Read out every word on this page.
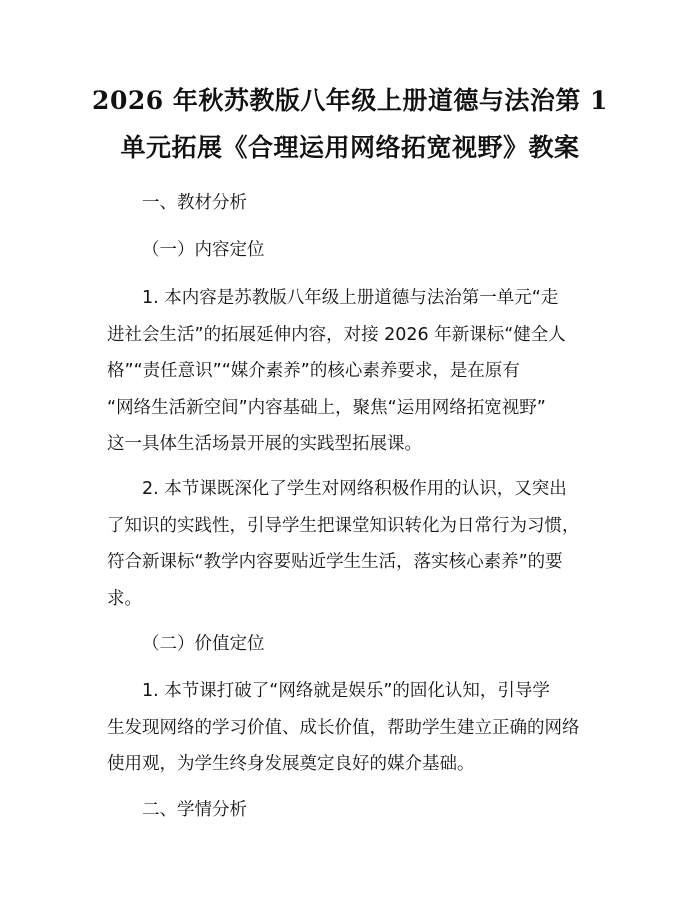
2026 年秋苏教版八年级上册道德与法治第 1
单元拓展《合理运用网络拓宽视野》教案
一、教材分析
（一）内容定位
1. 本内容是苏教版八年级上册道德与法治第一单元“走
进社会生活”的拓展延伸内容，对接 2026 年新课标“健全人
格”“责任意识”“媒介素养”的核心素养要求，是在原有
“网络生活新空间”内容基础上，聚焦“运用网络拓宽视野”
这一具体生活场景开展的实践型拓展课。
2. 本节课既深化了学生对网络积极作用的认识，又突出
了知识的实践性，引导学生把课堂知识转化为日常行为习惯，
符合新课标“教学内容要贴近学生生活，落实核心素养”的要
求。
（二）价值定位
1. 本节课打破了“网络就是娱乐”的固化认知，引导学
生发现网络的学习价值、成长价值，帮助学生建立正确的网络
使用观，为学生终身发展奠定良好的媒介基础。
二、学情分析
